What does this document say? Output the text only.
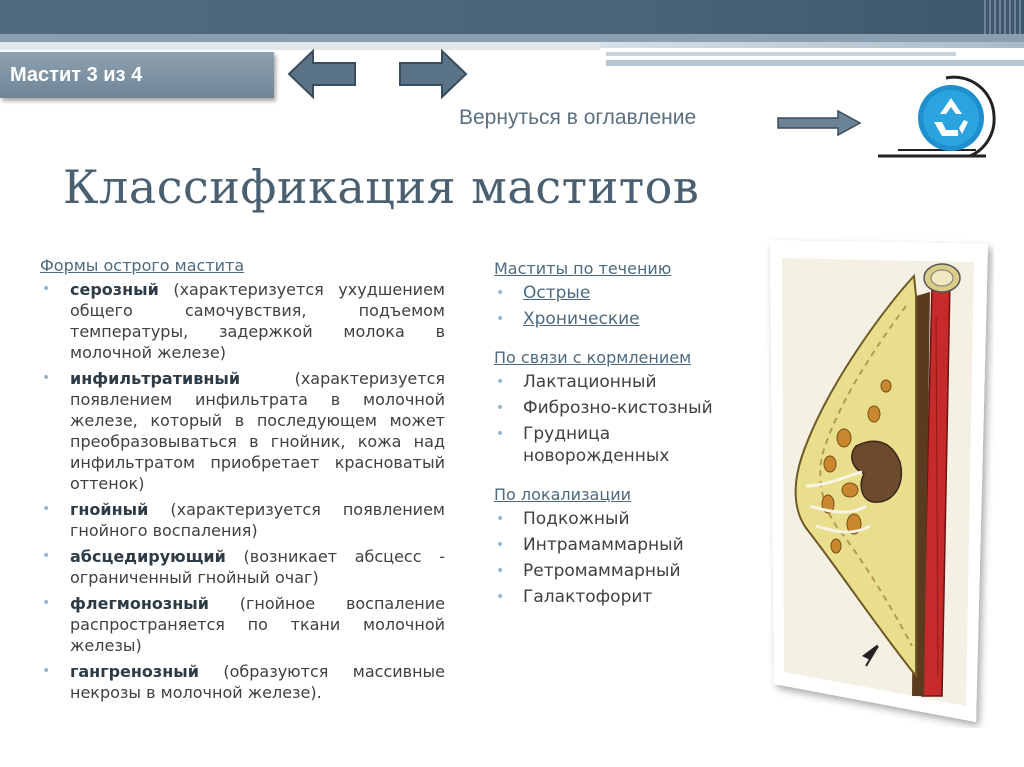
Мастит 3 из 4
Вернуться в оглавление
Классификация маститов
Формы острого мастита
• серозный (характеризуется ухудшением общего самочувствия, подъемом температуры, задержкой молока в молочной железе)
• инфильтративный (характеризуется появлением инфильтрата в молочной железе, который в последующем может преобразовываться в гнойник, кожа над инфильтратом приобретает красноватый оттенок)
• гнойный (характеризуется появлением гнойного воспаления)
• абсцедирующий (возникает абсцесс - ограниченный гнойный очаг)
• флегмонозный (гнойное воспаление распространяется по ткани молочной железы)
• гангренозный (образуются массивные некрозы в молочной железе).
Маститы по течению
• Острые
• Хронические
По связи с кормлением
• Лактационный
• Фиброзно-кистозный
• Грудница новорожденных
По локализации
• Подкожный
• Интрамаммарный
• Ретромаммарный
• Галактофорит
